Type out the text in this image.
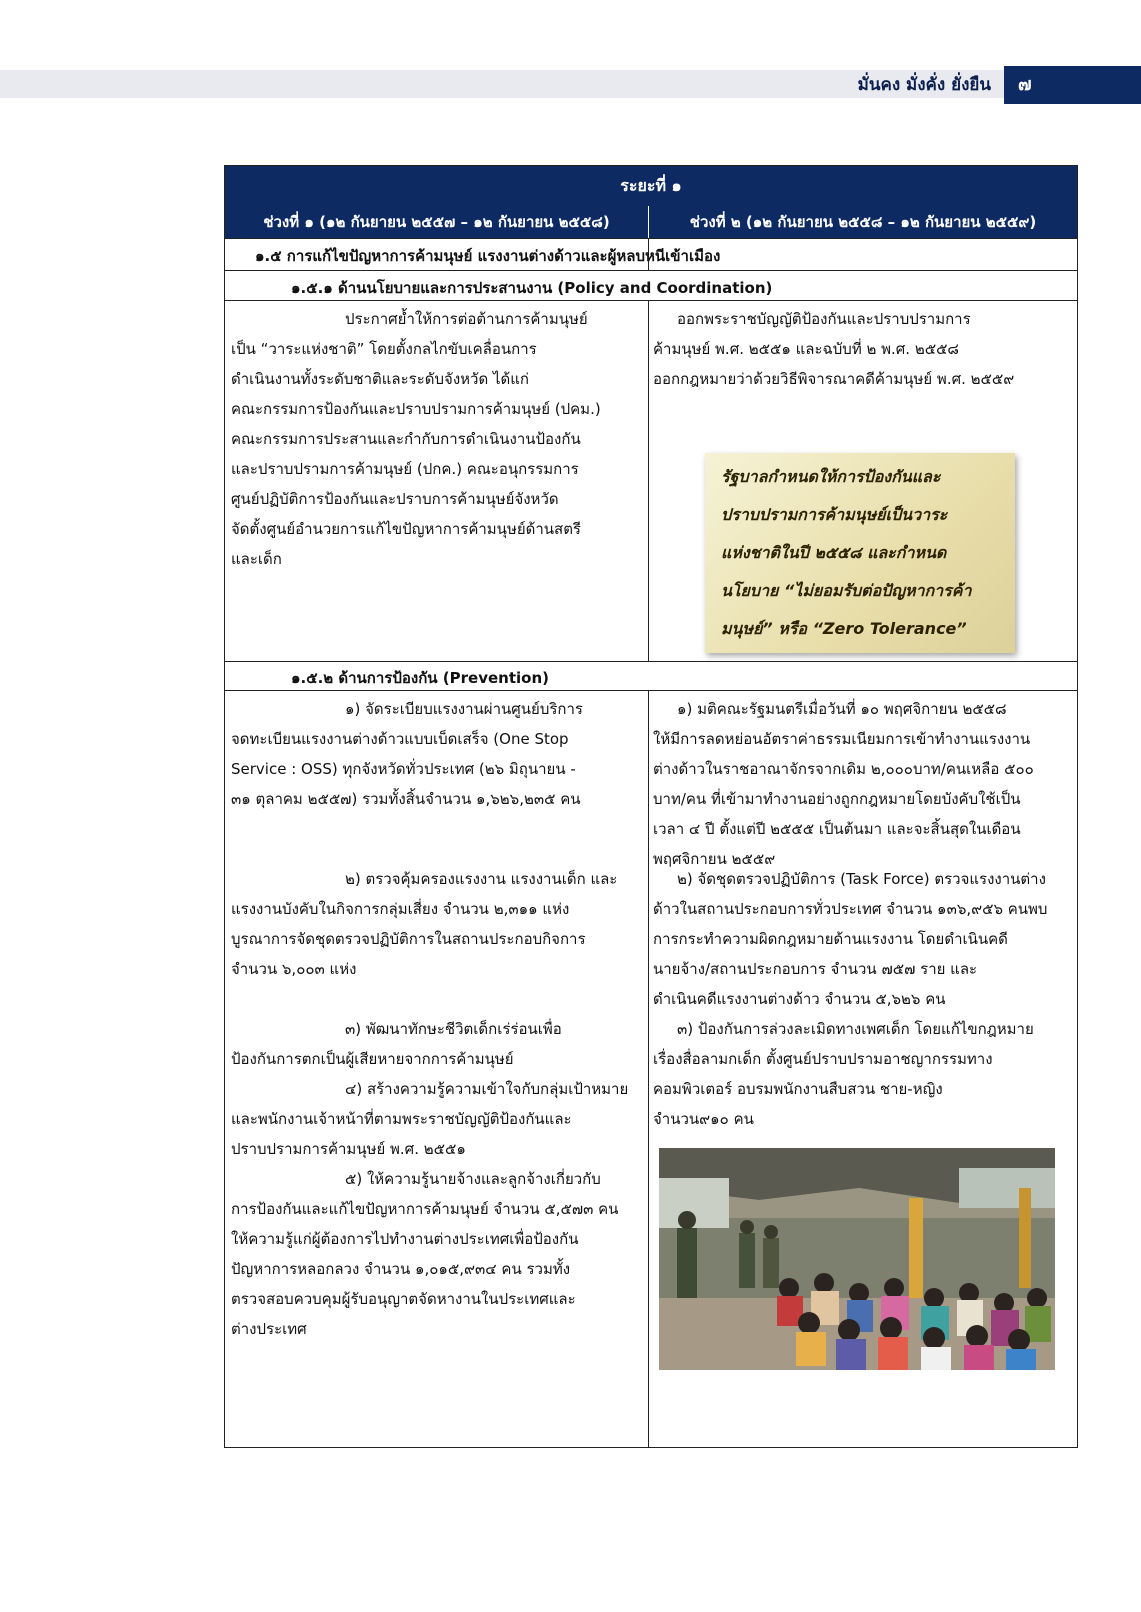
มั่นคง มั่งคั่ง ยั่งยืน	๗
ระยะที่ ๑
ช่วงที่ ๑ (๑๒ กันยายน ๒๕๕๗ – ๑๒ กันยายน ๒๕๕๘)	ช่วงที่ ๒ (๑๒ กันยายน ๒๕๕๘ – ๑๒ กันยายน ๒๕๕๙)
๑.๕ การแก้ไขปัญหาการค้ามนุษย์ แรงงานต่างด้าวและผู้หลบหนีเข้าเมือง
๑.๕.๑ ด้านนโยบายและการประสานงาน (Policy and Coordination)
๑.๕.๒ ด้านการป้องกัน (Prevention)
ประกาศย้ำให้การต่อต้านการค้ามนุษย์
เป็น “วาระแห่งชาติ” โดยตั้งกลไกขับเคลื่อนการ
ดำเนินงานทั้งระดับชาติและระดับจังหวัด ได้แก่
คณะกรรมการป้องกันและปราบปรามการค้ามนุษย์ (ปคม.)
คณะกรรมการประสานและกำกับการดำเนินงานป้องกัน
และปราบปรามการค้ามนุษย์ (ปกค.) คณะอนุกรรมการ
ศูนย์ปฏิบัติการป้องกันและปราบการค้ามนุษย์จังหวัด
จัดตั้งศูนย์อำนวยการแก้ไขปัญหาการค้ามนุษย์ด้านสตรี
และเด็ก
ออกพระราชบัญญัติป้องกันและปราบปรามการ
ค้ามนุษย์ พ.ศ. ๒๕๕๑ และฉบับที่ ๒ พ.ศ. ๒๕๕๘
ออกกฎหมายว่าด้วยวิธีพิจารณาคดีค้ามนุษย์ พ.ศ. ๒๕๕๙
รัฐบาลกำหนดให้การป้องกันและ
ปราบปรามการค้ามนุษย์เป็นวาระ
แห่งชาติในปี ๒๕๕๘ และกำหนด
นโยบาย “ไม่ยอมรับต่อปัญหาการค้า
มนุษย์” หรือ “Zero Tolerance”
๑) จัดระเบียบแรงงานผ่านศูนย์บริการ
จดทะเบียนแรงงานต่างด้าวแบบเบ็ดเสร็จ (One Stop
Service : OSS) ทุกจังหวัดทั่วประเทศ (๒๖ มิถุนายน -
๓๑ ตุลาคม ๒๕๕๗) รวมทั้งสิ้นจำนวน ๑,๖๒๖,๒๓๕ คน
๒) ตรวจคุ้มครองแรงงาน แรงงานเด็ก และ
แรงงานบังคับในกิจการกลุ่มเสี่ยง จำนวน ๒,๓๑๑ แห่ง
บูรณาการจัดชุดตรวจปฏิบัติการในสถานประกอบกิจการ
จำนวน ๖,๐๐๓ แห่ง
๓) พัฒนาทักษะชีวิตเด็กเร่ร่อนเพื่อ
ป้องกันการตกเป็นผู้เสียหายจากการค้ามนุษย์
๔) สร้างความรู้ความเข้าใจกับกลุ่มเป้าหมาย
และพนักงานเจ้าหน้าที่ตามพระราชบัญญัติป้องกันและ
ปราบปรามการค้ามนุษย์ พ.ศ. ๒๕๕๑
๕) ให้ความรู้นายจ้างและลูกจ้างเกี่ยวกับ
การป้องกันและแก้ไขปัญหาการค้ามนุษย์ จำนวน ๕,๕๗๓ คน
ให้ความรู้แก่ผู้ต้องการไปทำงานต่างประเทศเพื่อป้องกัน
ปัญหาการหลอกลวง จำนวน ๑,๐๑๕,๙๓๔ คน รวมทั้ง
ตรวจสอบควบคุมผู้รับอนุญาตจัดหางานในประเทศและ
ต่างประเทศ
๑) มติคณะรัฐมนตรีเมื่อวันที่ ๑๐ พฤศจิกายน ๒๕๕๘
ให้มีการลดหย่อนอัตราค่าธรรมเนียมการเข้าทำงานแรงงาน
ต่างด้าวในราชอาณาจักรจากเดิม ๒,๐๐๐บาท/คนเหลือ ๕๐๐
บาท/คน ที่เข้ามาทำงานอย่างถูกกฎหมายโดยบังคับใช้เป็น
เวลา ๔ ปี ตั้งแต่ปี ๒๕๕๕ เป็นต้นมา และจะสิ้นสุดในเดือน
พฤศจิกายน ๒๕๕๙
๒) จัดชุดตรวจปฏิบัติการ (Task Force) ตรวจแรงงานต่าง
ด้าวในสถานประกอบการทั่วประเทศ จำนวน ๑๓๖,๙๕๖ คนพบ
การกระทำความผิดกฎหมายด้านแรงงาน โดยดำเนินคดี
นายจ้าง/สถานประกอบการ จำนวน ๗๕๗ ราย และ
ดำเนินคดีแรงงานต่างด้าว จำนวน ๕,๖๒๖ คน
๓) ป้องกันการล่วงละเมิดทางเพศเด็ก โดยแก้ไขกฎหมาย
เรื่องสื่อลามกเด็ก ตั้งศูนย์ปราบปรามอาชญากรรมทาง
คอมพิวเตอร์ อบรมพนักงานสืบสวน ชาย-หญิง
จำนวน๙๑๐ คน
